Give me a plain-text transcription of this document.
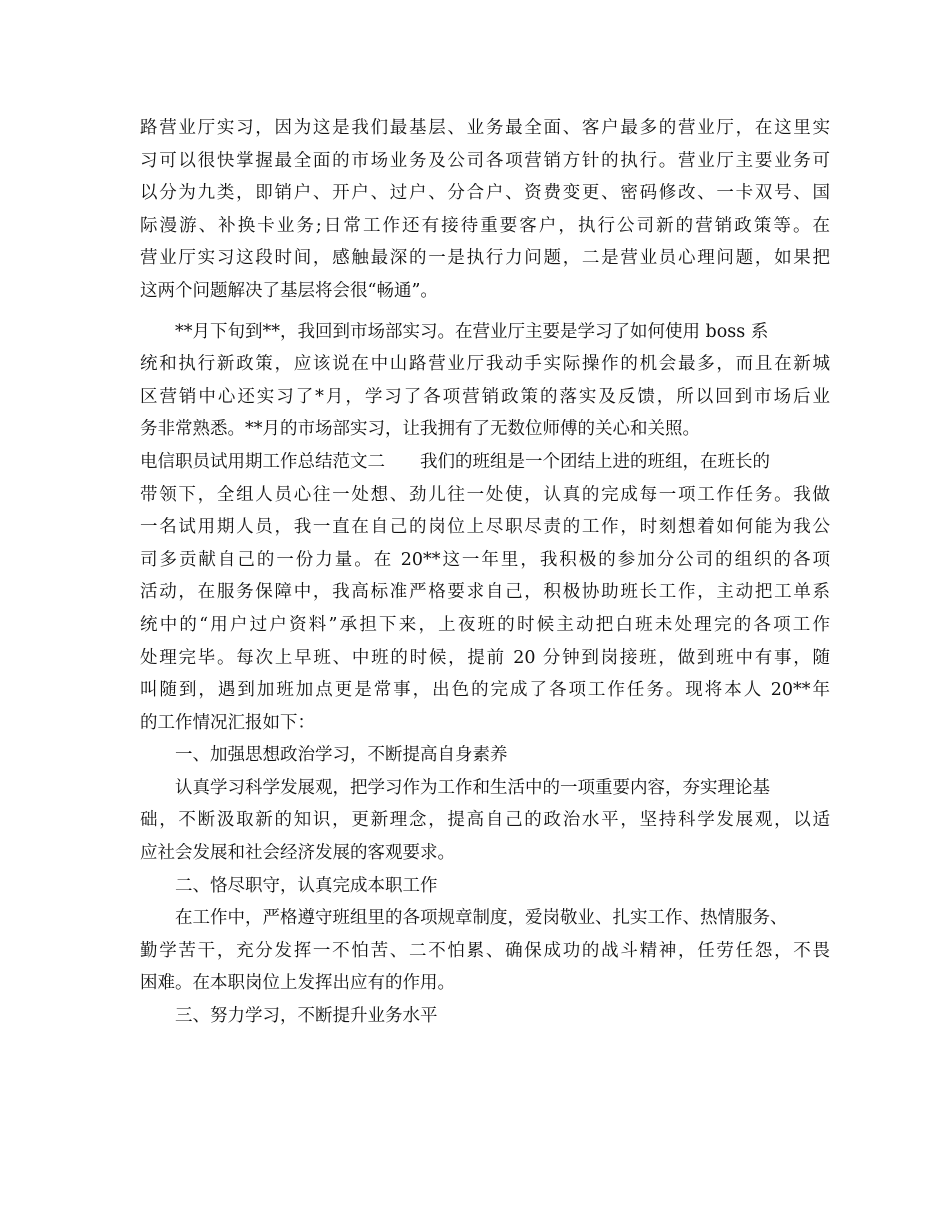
路营业厅实习，因为这是我们最基层、业务最全面、客户最多的营业厅，在这里实
习可以很快掌握最全面的市场业务及公司各项营销方针的执行。营业厅主要业务可
以分为九类，即销户、开户、过户、分合户、资费变更、密码修改、一卡双号、国
际漫游、补换卡业务;日常工作还有接待重要客户，执行公司新的营销政策等。在
营业厅实习这段时间，感触最深的一是执行力问题，二是营业员心理问题，如果把
这两个问题解决了基层将会很“畅通”。
**月下旬到**，我回到市场部实习。在营业厅主要是学习了如何使用 boss 系
统和执行新政策，应该说在中山路营业厅我动手实际操作的机会最多，而且在新城
区营销中心还实习了*月，学习了各项营销政策的落实及反馈，所以回到市场后业
务非常熟悉。**月的市场部实习，让我拥有了无数位师傅的关心和关照。
电信职员试用期工作总结范文二　　我们的班组是一个团结上进的班组，在班长的
带领下，全组人员心往一处想、劲儿往一处使，认真的完成每一项工作任务。我做
一名试用期人员，我一直在自己的岗位上尽职尽责的工作，时刻想着如何能为我公
司多贡献自己的一份力量。在 20**这一年里，我积极的参加分公司的组织的各项
活动，在服务保障中，我高标准严格要求自己，积极协助班长工作，主动把工单系
统中的“用户过户资料”承担下来，上夜班的时候主动把白班未处理完的各项工作
处理完毕。每次上早班、中班的时候，提前 20 分钟到岗接班，做到班中有事，随
叫随到，遇到加班加点更是常事，出色的完成了各项工作任务。现将本人 20**年
的工作情况汇报如下：
一、加强思想政治学习，不断提高自身素养
认真学习科学发展观，把学习作为工作和生活中的一项重要内容，夯实理论基
础，不断汲取新的知识，更新理念，提高自己的政治水平，坚持科学发展观，以适
应社会发展和社会经济发展的客观要求。
二、恪尽职守，认真完成本职工作
在工作中，严格遵守班组里的各项规章制度，爱岗敬业、扎实工作、热情服务、
勤学苦干，充分发挥一不怕苦、二不怕累、确保成功的战斗精神，任劳任怨，不畏
困难。在本职岗位上发挥出应有的作用。
三、努力学习，不断提升业务水平
